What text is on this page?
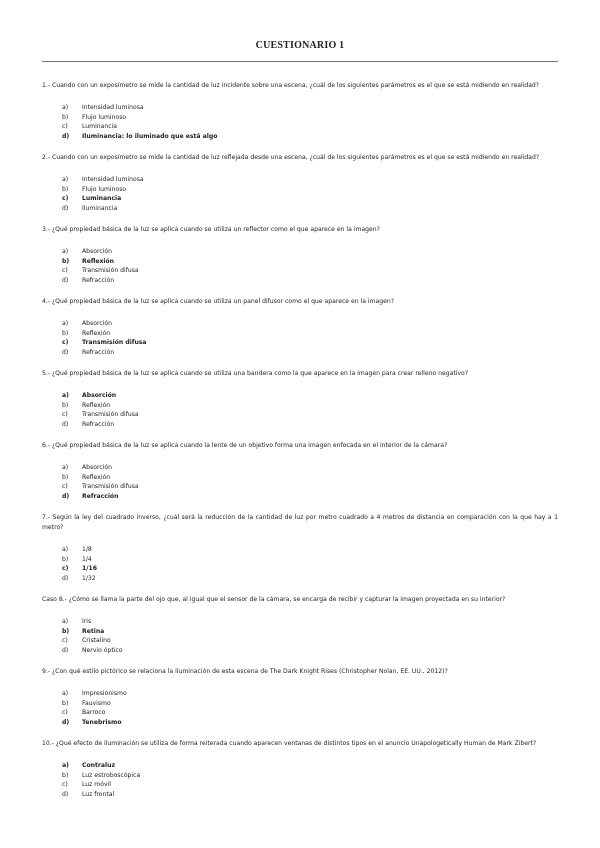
CUESTIONARIO 1
1.- Cuando con un exposímetro se mide la cantidad de luz incidente sobre una escena, ¿cuál de los siguientes parámetros es el que se está midiendo en realidad?
a)	Intensidad luminosa
b)	Flujo luminoso
c)	Luminancia
d)	Iluminancia: lo iluminado que está algo
2.- Cuando con un exposímetro se mide la cantidad de luz reflejada desde una escena, ¿cuál de los siguientes parámetros es el que se está midiendo en realidad?
a)	Intensidad luminosa
b)	Flujo luminoso
c)	Luminancia
d)	Iluminancia
3.- ¿Qué propiedad básica de la luz se aplica cuando se utiliza un reflector como el que aparece en la imagen?
a)	Absorción
b)	Reflexión
c)	Transmisión difusa
d)	Refracción
4.- ¿Qué propiedad básica de la luz se aplica cuando se utiliza un panel difusor como el que aparece en la imagen?
a)	Absorción
b)	Reflexión
c)	Transmisión difusa
d)	Refracción
5.- ¿Qué propiedad básica de la luz se aplica cuando se utiliza una bandera como la que aparece en la imagen para crear relleno negativo?
a)	Absorción
b)	Reflexión
c)	Transmisión difusa
d)	Refracción
6.- ¿Qué propiedad básica de la luz se aplica cuando la lente de un objetivo forma una imagen enfocada en el interior de la cámara?
a)	Absorción
b)	Reflexión
c)	Transmisión difusa
d)	Refracción
7.- Según la ley del cuadrado inverso, ¿cuál será la reducción de la cantidad de luz por metro cuadrado a 4 metros de distancia en comparación con la que hay a 1 metro?
a)	1/8
b)	1/4
c)	1/16
d)	1/32
Caso 8.- ¿Cómo se llama la parte del ojo que, al igual que el sensor de la cámara, se encarga de recibir y capturar la imagen proyectada en su interior?
a)	Iris
b)	Retina
c)	Cristalino
d)	Nervio óptico
9.- ¿Con qué estilo pictórico se relaciona la iluminación de esta escena de The Dark Knight Rises (Christopher Nolan, EE. UU., 2012)?
a)	Impresionismo
b)	Fauvismo
c)	Barroco
d)	Tenebrismo
10.- ¿Qué efecto de iluminación se utiliza de forma reiterada cuando aparecen ventanas de distintos tipos en el anuncio Unapologetically Human de Mark Zibert?
a)	Contraluz
b)	Luz estroboscópica
c)	Luz móvil
d)	Luz frontal
